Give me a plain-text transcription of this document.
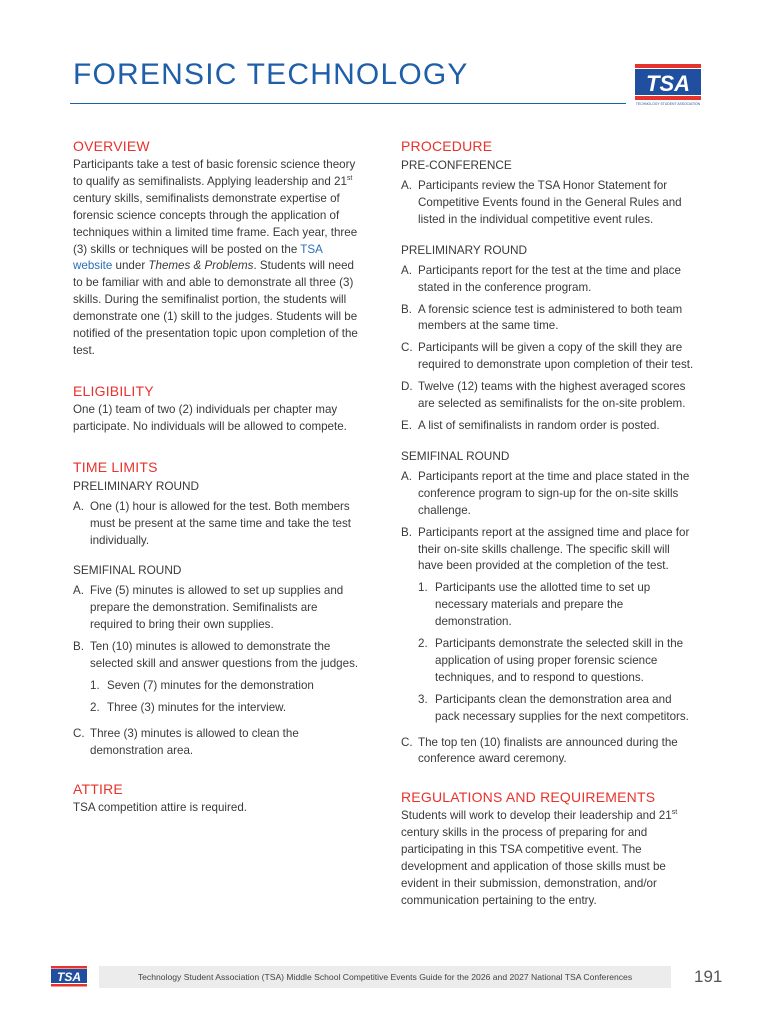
FORENSIC TECHNOLOGY	TSA
TECHNOLOGY STUDENT ASSOCIATION
OVERVIEW

Participants take a test of basic forensic science theory to qualify as semifinalists. Applying leadership and 21st century skills, semifinalists demonstrate expertise of forensic science concepts through the application of techniques within a limited time frame. Each year, three (3) skills or techniques will be posted on the TSA website under Themes & Problems. Students will need to be familiar with and able to demonstrate all three (3) skills. During the semifinalist portion, the students will demonstrate one (1) skill to the judges. Students will be notified of the presentation topic upon completion of the test.

ELIGIBILITY

One (1) team of two (2) individuals per chapter may participate. No individuals will be allowed to compete.

TIME LIMITS
PRELIMINARY ROUND
A. One (1) hour is allowed for the test. Both members must be present at the same time and take the test individually.
SEMIFINAL ROUND
A. Five (5) minutes is allowed to set up supplies and prepare the demonstration. Semifinalists are required to bring their own supplies.
B. Ten (10) minutes is allowed to demonstrate the selected skill and answer questions from the judges.
1. Seven (7) minutes for the demonstration
2. Three (3) minutes for the interview.
C. Three (3) minutes is allowed to clean the demonstration area.
ATTIRE

TSA competition attire is required.

PROCEDURE
PRE-CONFERENCE
A. Participants review the TSA Honor Statement for Competitive Events found in the General Rules and listed in the individual competitive event rules.
PRELIMINARY ROUND
A. Participants report for the test at the time and place stated in the conference program.
B. A forensic science test is administered to both team members at the same time.
C. Participants will be given a copy of the skill they are required to demonstrate upon completion of their test.
D. Twelve (12) teams with the highest averaged scores are selected as semifinalists for the on-site problem.
E. A list of semifinalists in random order is posted.
SEMIFINAL ROUND
A. Participants report at the time and place stated in the conference program to sign-up for the on-site skills challenge.
B. Participants report at the assigned time and place for their on-site skills challenge. The specific skill will have been provided at the completion of the test.
1. Participants use the allotted time to set up necessary materials and prepare the demonstration.
2. Participants demonstrate the selected skill in the application of using proper forensic science techniques, and to respond to questions.
3. Participants clean the demonstration area and pack necessary supplies for the next competitors.
C. The top ten (10) finalists are announced during the conference award ceremony.
REGULATIONS AND REQUIREMENTS

Students will work to develop their leadership and 21st century skills in the process of preparing for and participating in this TSA competitive event. The development and application of those skills must be evident in their submission, demonstration, and/or communication pertaining to the entry.

TSA	Technology Student Association (TSA) Middle School Competitive Events Guide for the 2026 and 2027 National TSA Conferences	191
